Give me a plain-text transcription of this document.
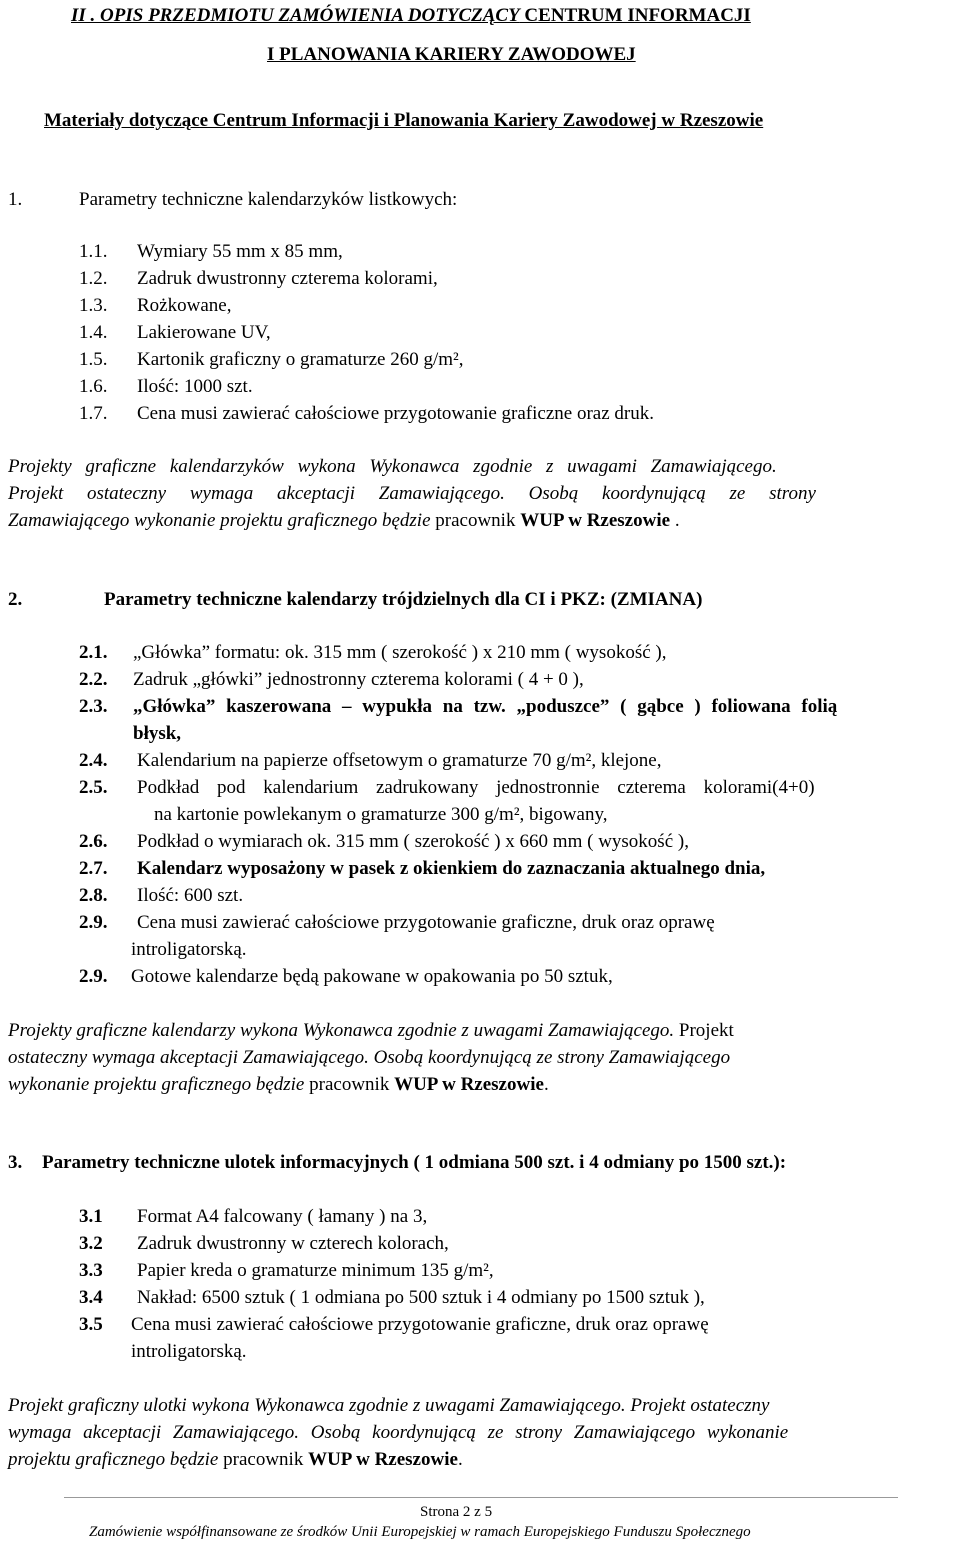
II . OPIS PRZEDMIOTU ZAMÓWIENIA DOTYCZĄCY CENTRUM INFORMACJI
I PLANOWANIA KARIERY ZAWODOWEJ
Materiały dotyczące Centrum Informacji i Planowania Kariery Zawodowej w Rzeszowie
1.	Parametry techniczne kalendarzyków listkowych:
1.1. Wymiary 55 mm x 85 mm,
1.2. Zadruk dwustronny czterema kolorami,
1.3. Rożkowane,
1.4. Lakierowane UV,
1.5. Kartonik graficzny o gramaturze 260 g/m²,
1.6. Ilość: 1000 szt.
1.7. Cena musi zawierać całościowe przygotowanie graficzne oraz druk.
Projekty graficzne kalendarzyków wykona Wykonawca zgodnie z uwagami Zamawiającego.
Projekt ostateczny wymaga akceptacji Zamawiającego. Osobą koordynującą ze strony
Zamawiającego wykonanie projektu graficznego będzie pracownik WUP w Rzeszowie .
2.	Parametry techniczne kalendarzy trójdzielnych dla CI i PKZ: (ZMIANA)
2.1. „Główka” formatu: ok. 315 mm ( szerokość ) x 210 mm ( wysokość ),
2.2. Zadruk „główki” jednostronny czterema kolorami ( 4 + 0 ),
2.3. „Główka” kaszerowana – wypukła na tzw. „poduszce” ( gąbce ) foliowana folią
błysk,
2.4. Kalendarium na papierze offsetowym o gramaturze 70 g/m², klejone,
2.5. Podkład pod kalendarium zadrukowany jednostronnie czterema kolorami(4+0)
na kartonie powlekanym o gramaturze 300 g/m², bigowany,
2.6. Podkład o wymiarach ok. 315 mm ( szerokość ) x 660 mm ( wysokość ),
2.7. Kalendarz wyposażony w pasek z okienkiem do zaznaczania aktualnego dnia,
2.8. Ilość: 600 szt.
2.9. Cena musi zawierać całościowe przygotowanie graficzne, druk oraz oprawę
introligatorską.
2.9. Gotowe kalendarze będą pakowane w opakowania po 50 sztuk,
Projekty graficzne kalendarzy wykona Wykonawca zgodnie z uwagami Zamawiającego. Projekt
ostateczny wymaga akceptacji Zamawiającego. Osobą koordynującą ze strony Zamawiającego
wykonanie projektu graficznego będzie pracownik WUP w Rzeszowie.
3. Parametry techniczne ulotek informacyjnych ( 1 odmiana 500 szt. i 4 odmiany po 1500 szt.):
3.1 Format A4 falcowany ( łamany ) na 3,
3.2 Zadruk dwustronny w czterech kolorach,
3.3 Papier kreda o gramaturze minimum 135 g/m²,
3.4 Nakład: 6500 sztuk ( 1 odmiana po 500 sztuk i 4 odmiany po 1500 sztuk ),
3.5 Cena musi zawierać całościowe przygotowanie graficzne, druk oraz oprawę
introligatorską.
Projekt graficzny ulotki wykona Wykonawca zgodnie z uwagami Zamawiającego. Projekt ostateczny
wymaga akceptacji Zamawiającego. Osobą koordynującą ze strony Zamawiającego wykonanie
projektu graficznego będzie pracownik WUP w Rzeszowie.
Strona 2 z 5
Zamówienie współfinansowane ze środków Unii Europejskiej w ramach Europejskiego Funduszu Społecznego
